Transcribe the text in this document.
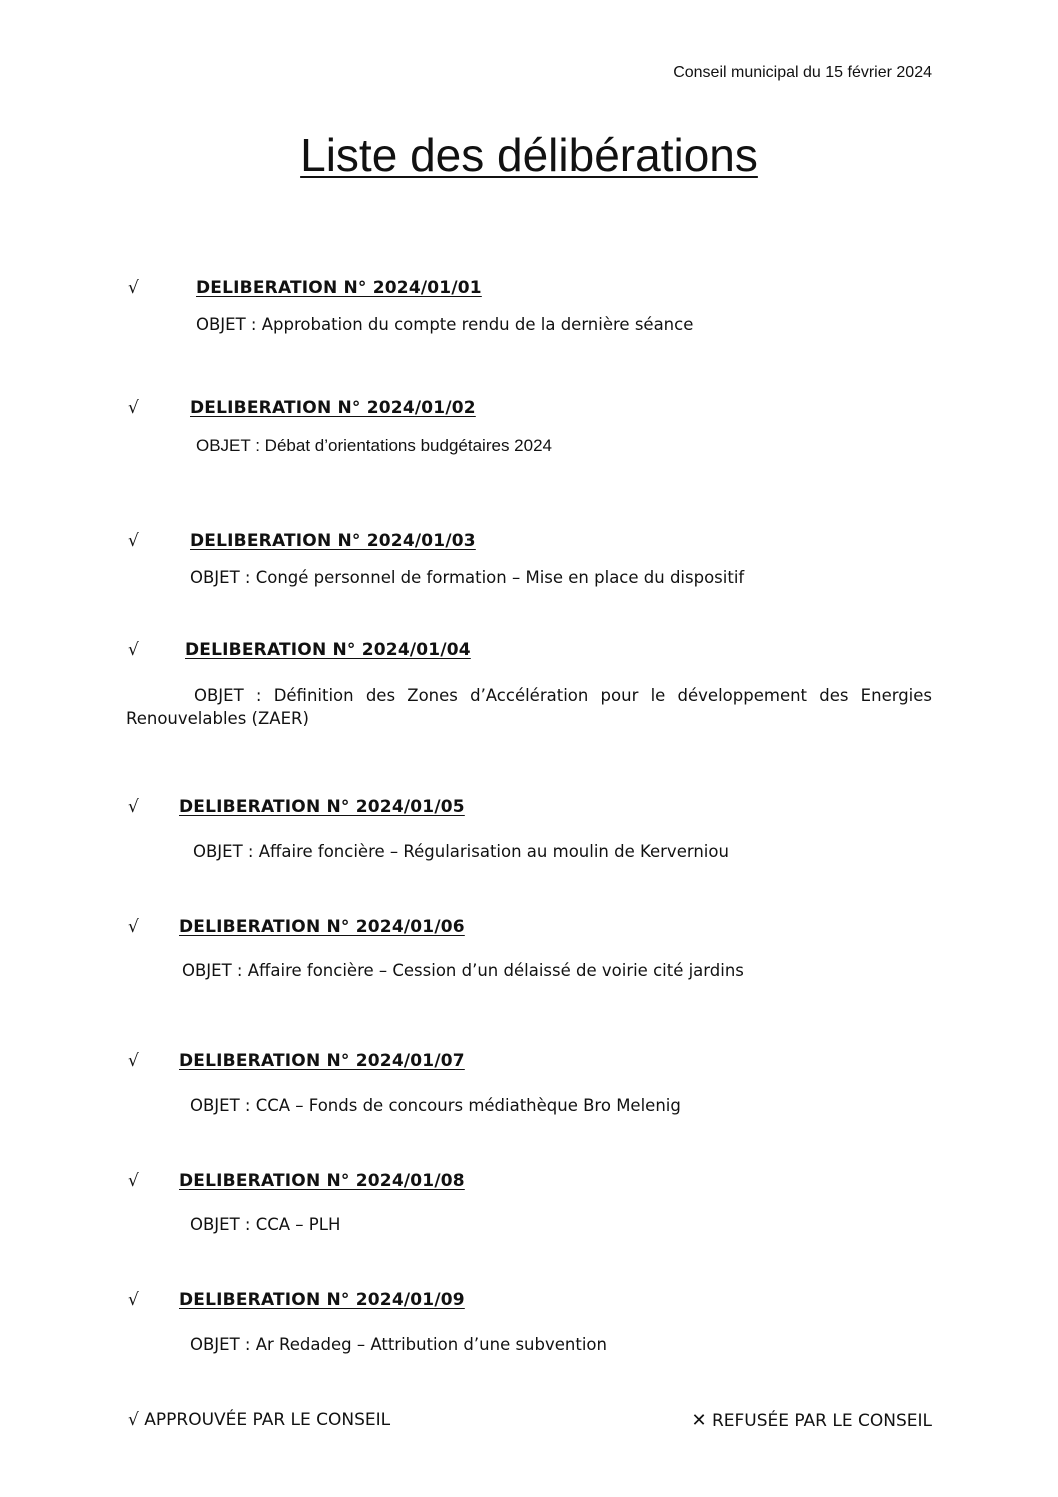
Conseil municipal du 15 février 2024
Liste des délibérations
√	DELIBERATION N° 2024/01/01
OBJET : Approbation du compte rendu de la dernière séance
√	DELIBERATION N° 2024/01/02
OBJET : Débat d’orientations budgétaires 2024
√	DELIBERATION N° 2024/01/03
OBJET : Congé personnel de formation – Mise en place du dispositif
√	DELIBERATION N° 2024/01/04
OBJET : Définition des Zones d’Accélération pour le développement des Energies Renouvelables (ZAER)
√ DELIBERATION N° 2024/01/05
OBJET : Affaire foncière – Régularisation au moulin de Kerverniou
√ DELIBERATION N° 2024/01/06
OBJET : Affaire foncière – Cession d’un délaissé de voirie cité jardins
√ DELIBERATION N° 2024/01/07
OBJET : CCA – Fonds de concours médiathèque Bro Melenig
√ DELIBERATION N° 2024/01/08
OBJET : CCA – PLH
√ DELIBERATION N° 2024/01/09
OBJET : Ar Redadeg – Attribution d’une subvention
√ APPROUVÉE PAR LE CONSEIL	✕ REFUSÉE PAR LE CONSEIL
